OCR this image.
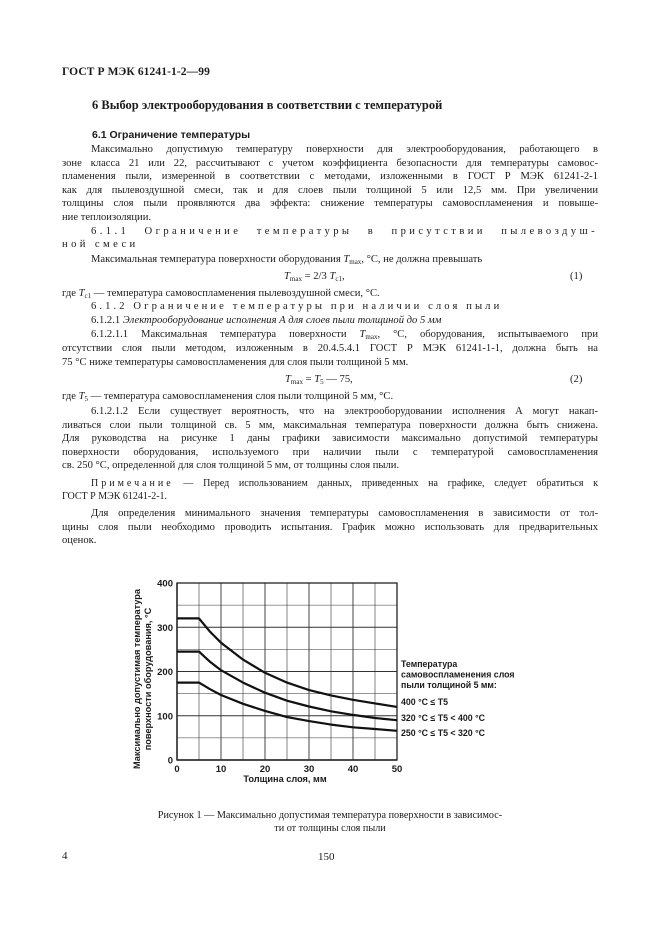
ГОСТ Р МЭК 61241-1-2—99
6 Выбор электрооборудования в соответствии с температурой
6.1 Ограничение температуры
Максимально допустимую температуру поверхности для электрооборудования, работающего в
зоне класса 21 или 22, рассчитывают с учетом коэффициента безопасности для температуры самовос-
пламенения пыли, измеренной в соответствии с методами, изложенными в ГОСТ Р МЭК 61241-2-1
как для пылевоздушной смеси, так и для слоев пыли толщиной 5 или 12,5 мм. При увеличении
толщины слоя пыли проявляются два эффекта: снижение температуры самовоспламенения и повыше-
ние теплоизоляции.
6.1.1 Ограничение температуры в присутствии пылевоздуш-
ной смеси
Максимальная температура поверхности оборудования $T_{max}$, °С, не должна превышать
$T_{max} = 2/3$ $T_{c1}$,	(1)
где $T_{c1}$ — температура самовоспламенения пылевоздушной смеси, °С.
6.1.2 Ограничение температуры при наличии слоя пыли
6.1.2.1 Электрооборудование исполнения А для слоев пыли толщиной до 5 мм
6.1.2.1.1 Максимальная температура поверхности $T_{max}$, °С, оборудования, испытываемого при
отсутствии слоя пыли методом, изложенным в 20.4.5.4.1 ГОСТ Р МЭК 61241-1-1, должна быть на
75 °С ниже температуры самовоспламенения для слоя пыли толщиной 5 мм.
$T_{max} = T_5$ — 75,	(2)
где $T_5$ — температура самовоспламенения слоя пыли толщиной 5 мм, °С.
6.1.2.1.2 Если существует вероятность, что на электрооборудовании исполнения А могут накап-
ливаться слои пыли толщиной св. 5 мм, максимальная температура поверхности должна быть снижена.
Для руководства на рисунке 1 даны графики зависимости максимально допустимой температуры
поверхности оборудования, используемого при наличии пыли с температурой самовоспламенения
св. 250 °С, определенной для слоя толщиной 5 мм, от толщины слоя пыли.
Примечание — Перед использованием данных, приведенных на графике, следует обратиться к
ГОСТ Р МЭК 61241-2-1.
Для определения минимального значения температуры самовоспламенения в зависимости от тол-
щины слоя пыли необходимо проводить испытания. График можно использовать для предварительных
оценок.
Максимально допустимая температура поверхности оборудования, °С
0
100
200
300
400
0	10	20	30	40	50
Толщина слоя, мм
Температура
самовоспламенения слоя
пыли толщиной 5 мм:
400 °С ≤ T5
320 °С ≤ T5 < 400 °С
250 °С ≤ T5 < 320 °С
Рисунок 1 — Максимально допустимая температура поверхности в зависимос-
ти от толщины слоя пыли
4	150
